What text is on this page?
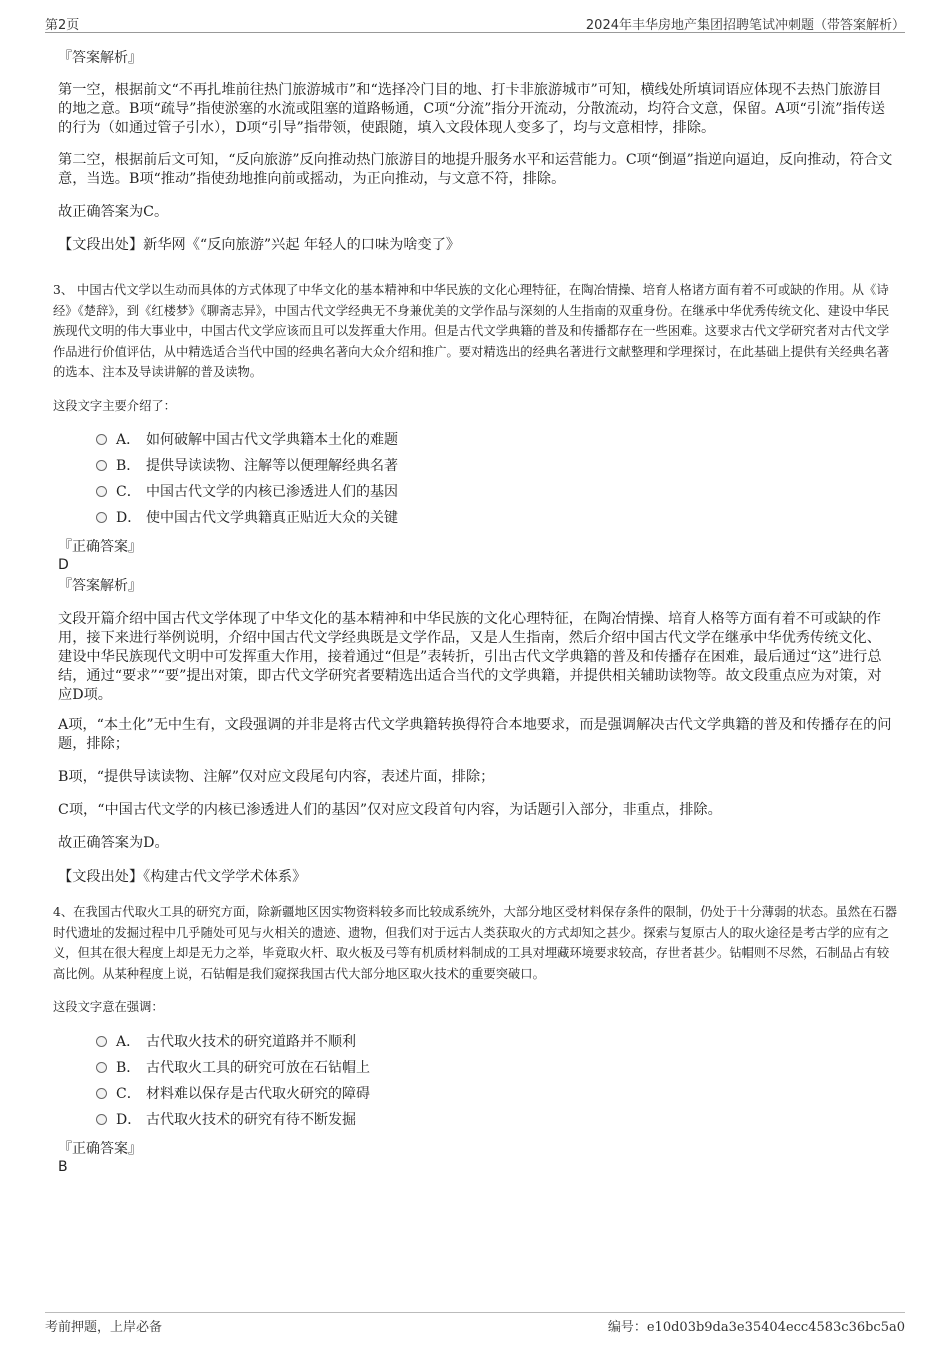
第2页	2024年丰华房地产集团招聘笔试冲刺题（带答案解析）

『答案解析』

第一空，根据前文“不再扎堆前往热门旅游城市”和“选择冷门目的地、打卡非旅游城市”可知，横线处所填词语应体现不去热门旅游目的地之意。B项“疏导”指使淤塞的水流或阻塞的道路畅通，C项“分流”指分开流动，分散流动，均符合文意，保留。A项“引流”指传送的行为（如通过管子引水），D项“引导”指带领，使跟随，填入文段体现人变多了，均与文意相悖，排除。

第二空，根据前后文可知，“反向旅游”反向推动热门旅游目的地提升服务水平和运营能力。C项“倒逼”指逆向逼迫，反向推动，符合文意，当选。B项“推动”指使劲地推向前或摇动，为正向推动，与文意不符，排除。

故正确答案为C。

【文段出处】新华网《“反向旅游”兴起 年轻人的口味为啥变了》

3、 中国古代文学以生动而具体的方式体现了中华文化的基本精神和中华民族的文化心理特征，在陶冶情操、培育人格诸方面有着不可或缺的作用。从《诗经》《楚辞》，到《红楼梦》《聊斋志异》，中国古代文学经典无不身兼优美的文学作品与深刻的人生指南的双重身份。在继承中华优秀传统文化、建设中华民族现代文明的伟大事业中，中国古代文学应该而且可以发挥重大作用。但是古代文学典籍的普及和传播都存在一些困难。这要求古代文学研究者对古代文学作品进行价值评估，从中精选适合当代中国的经典名著向大众介绍和推广。要对精选出的经典名著进行文献整理和学理探讨，在此基础上提供有关经典名著的选本、注本及导读讲解的普及读物。

这段文字主要介绍了：

A． 如何破解中国古代文学典籍本土化的难题
B． 提供导读读物、注解等以便理解经典名著
C． 中国古代文学的内核已渗透进人们的基因
D． 使中国古代文学典籍真正贴近大众的关键

『正确答案』

D

『答案解析』

文段开篇介绍中国古代文学体现了中华文化的基本精神和中华民族的文化心理特征，在陶冶情操、培育人格等方面有着不可或缺的作用，接下来进行举例说明，介绍中国古代文学经典既是文学作品，又是人生指南，然后介绍中国古代文学在继承中华优秀传统文化、建设中华民族现代文明中可发挥重大作用，接着通过“但是”表转折，引出古代文学典籍的普及和传播存在困难，最后通过“这”进行总结，通过“要求”“要”提出对策，即古代文学研究者要精选出适合当代的文学典籍，并提供相关辅助读物等。故文段重点应为对策，对应D项。

A项，“本土化”无中生有，文段强调的并非是将古代文学典籍转换得符合本地要求，而是强调解决古代文学典籍的普及和传播存在的问题，排除；

B项，“提供导读读物、注解”仅对应文段尾句内容，表述片面，排除；

C项，“中国古代文学的内核已渗透进人们的基因”仅对应文段首句内容，为话题引入部分，非重点，排除。

故正确答案为D。

【文段出处】《构建古代文学学术体系》

4、在我国古代取火工具的研究方面，除新疆地区因实物资料较多而比较成系统外，大部分地区受材料保存条件的限制，仍处于十分薄弱的状态。虽然在石器时代遗址的发掘过程中几乎随处可见与火相关的遗迹、遗物，但我们对于远古人类获取火的方式却知之甚少。探索与复原古人的取火途径是考古学的应有之义，但其在很大程度上却是无力之举，毕竟取火杆、取火板及弓等有机质材料制成的工具对埋藏环境要求较高，存世者甚少。钻帽则不尽然，石制品占有较高比例。从某种程度上说，石钻帽是我们窥探我国古代大部分地区取火技术的重要突破口。

这段文字意在强调：

A． 古代取火技术的研究道路并不顺利
B． 古代取火工具的研究可放在石钻帽上
C． 材料难以保存是古代取火研究的障碍
D． 古代取火技术的研究有待不断发掘

『正确答案』

B

考前押题，上岸必备	编号：e10d03b9da3e35404ecc4583c36bc5a0
